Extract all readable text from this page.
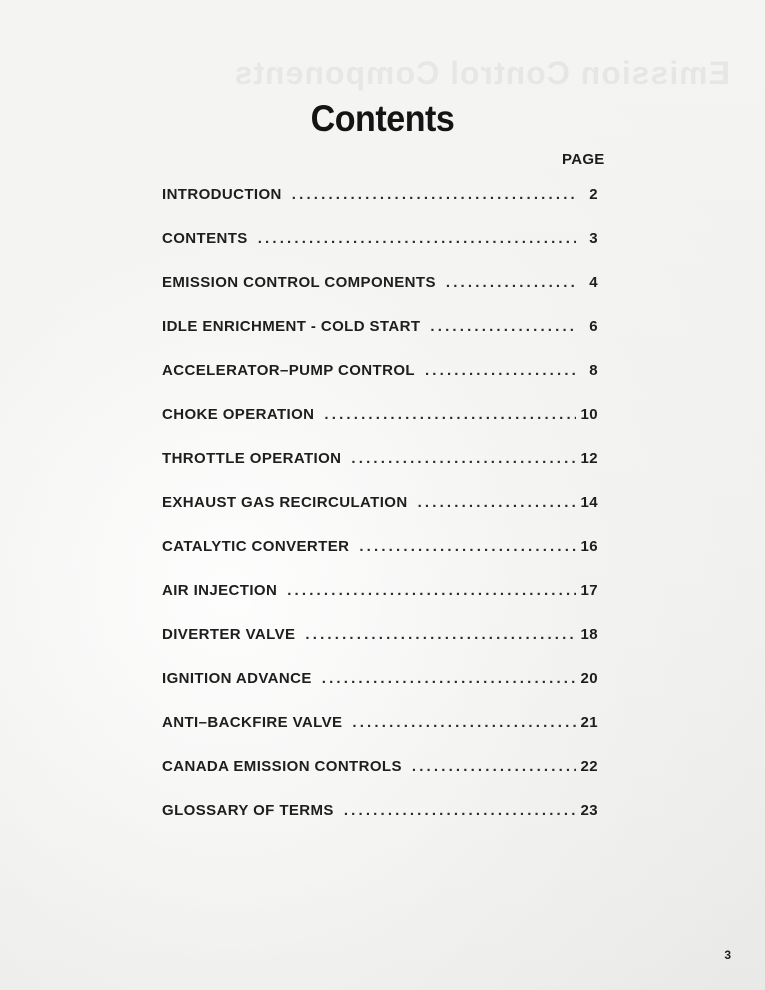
Emission Control Components
Contents
PAGE
INTRODUCTION . . .	2
CONTENTS . . .	3
EMISSION CONTROL COMPONENTS . . .	4
IDLE ENRICHMENT - COLD START . . .	6
ACCELERATOR–PUMP CONTROL . . .	8
CHOKE OPERATION . . .	10
THROTTLE OPERATION . . .	12
EXHAUST GAS RECIRCULATION . . .	14
CATALYTIC CONVERTER . . .	16
AIR INJECTION . . .	17
DIVERTER VALVE . . .	18
IGNITION ADVANCE . . .	20
ANTI–BACKFIRE VALVE . . .	21
CANADA EMISSION CONTROLS . . .	22
GLOSSARY OF TERMS . . .	23
3
